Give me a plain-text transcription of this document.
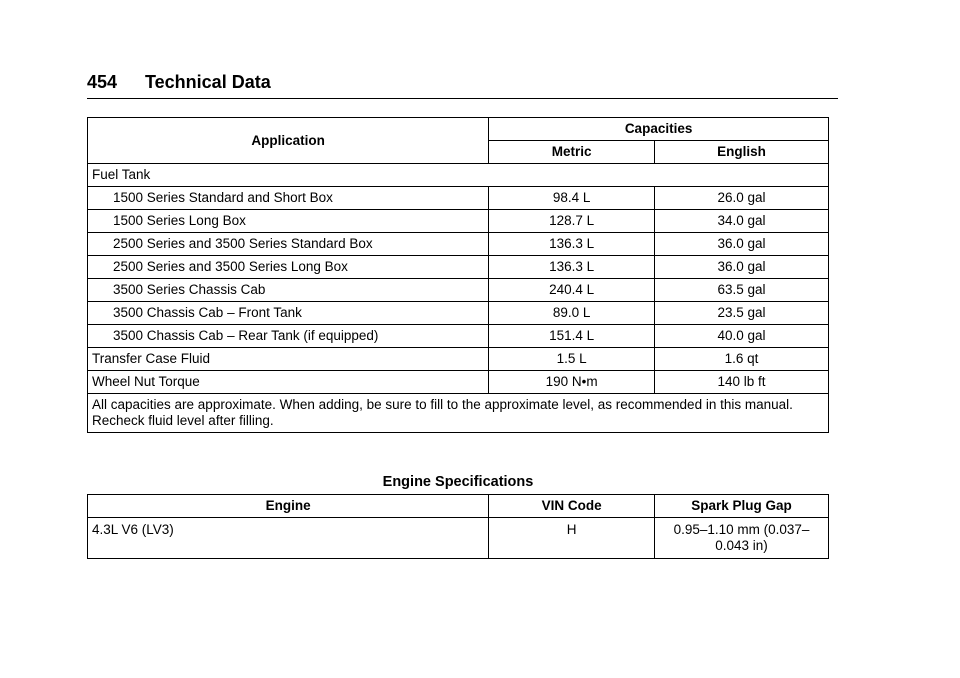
454 Technical Data
Application	Capacities	
	Metric	English
Fuel Tank		
1500 Series Standard and Short Box	98.4 L	26.0 gal
1500 Series Long Box	128.7 L	34.0 gal
2500 Series and 3500 Series Standard Box	136.3 L	36.0 gal
2500 Series and 3500 Series Long Box	136.3 L	36.0 gal
3500 Series Chassis Cab	240.4 L	63.5 gal
3500 Chassis Cab – Front Tank	89.0 L	23.5 gal
3500 Chassis Cab – Rear Tank (if equipped)	151.4 L	40.0 gal
Transfer Case Fluid	1.5 L	1.6 qt
Wheel Nut Torque	190 N•m	140 lb ft
All capacities are approximate. When adding, be sure to fill to the approximate level, as recommended in this manual. Recheck fluid level after filling.		
Engine Specifications
Engine	VIN Code	Spark Plug Gap
4.3L V6 (LV3)	H	0.95–1.10 mm (0.037–
0.043 in)
